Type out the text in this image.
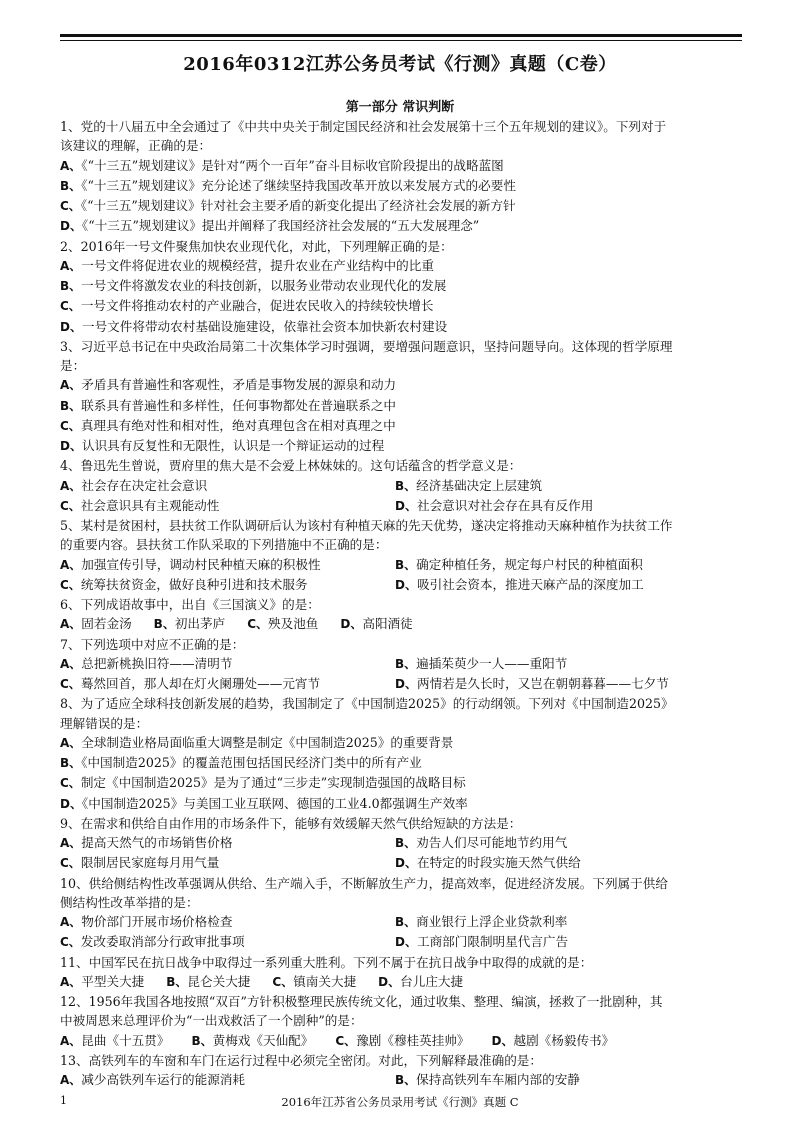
2016年0312江苏公务员考试《行测》真题（C卷）
第一部分 常识判断
1、党的十八届五中全会通过了《中共中央关于制定国民经济和社会发展第十三个五年规划的建议》。下列对于
该建议的理解，正确的是：
A、《“十三五”规划建议》是针对“两个一百年”奋斗目标收官阶段提出的战略蓝图
B、《“十三五”规划建议》充分论述了继续坚持我国改革开放以来发展方式的必要性
C、《“十三五”规划建议》针对社会主要矛盾的新变化提出了经济社会发展的新方针
D、《“十三五”规划建议》提出并阐释了我国经济社会发展的“五大发展理念”
2、2016年一号文件聚焦加快农业现代化，对此，下列理解正确的是：
A、一号文件将促进农业的规模经营，提升农业在产业结构中的比重
B、一号文件将激发农业的科技创新，以服务业带动农业现代化的发展
C、一号文件将推动农村的产业融合，促进农民收入的持续较快增长
D、一号文件将带动农村基础设施建设，依靠社会资本加快新农村建设
3、习近平总书记在中央政治局第二十次集体学习时强调，要增强问题意识，坚持问题导向。这体现的哲学原理
是：
A、矛盾具有普遍性和客观性，矛盾是事物发展的源泉和动力
B、联系具有普遍性和多样性，任何事物都处在普遍联系之中
C、真理具有绝对性和相对性，绝对真理包含在相对真理之中
D、认识具有反复性和无限性，认识是一个辩证运动的过程
4、鲁迅先生曾说，贾府里的焦大是不会爱上林妹妹的。这句话蕴含的哲学意义是：
A、社会存在决定社会意识	B、经济基础决定上层建筑
C、社会意识具有主观能动性	D、社会意识对社会存在具有反作用
5、某村是贫困村，县扶贫工作队调研后认为该村有种植天麻的先天优势，遂决定将推动天麻种植作为扶贫工作
的重要内容。县扶贫工作队采取的下列措施中不正确的是：
A、加强宣传引导，调动村民种植天麻的积极性	B、确定种植任务，规定每户村民的种植面积
C、统筹扶贫资金，做好良种引进和技术服务	D、吸引社会资本，推进天麻产品的深度加工
6、下列成语故事中，出自《三国演义》的是：
A、固若金汤 B、初出茅庐 C、殃及池鱼 D、高阳酒徒
7、下列选项中对应不正确的是：
A、总把新桃换旧符——清明节	B、遍插茱萸少一人——重阳节
C、蓦然回首，那人却在灯火阑珊处——元宵节	D、两情若是久长时，又岂在朝朝暮暮——七夕节
8、为了适应全球科技创新发展的趋势，我国制定了《中国制造2025》的行动纲领。下列对《中国制造2025》
理解错误的是：
A、全球制造业格局面临重大调整是制定《中国制造2025》的重要背景
B、《中国制造2025》的覆盖范围包括国民经济门类中的所有产业
C、制定《中国制造2025》是为了通过“三步走”实现制造强国的战略目标
D、《中国制造2025》与美国工业互联网、德国的工业4.0都强调生产效率
9、在需求和供给自由作用的市场条件下，能够有效缓解天然气供给短缺的方法是：
A、提高天然气的市场销售价格	B、劝告人们尽可能地节约用气
C、限制居民家庭每月用气量	D、在特定的时段实施天然气供给
10、供给侧结构性改革强调从供给、生产端入手，不断解放生产力，提高效率，促进经济发展。下列属于供给
侧结构性改革举措的是：
A、物价部门开展市场价格检查	B、商业银行上浮企业贷款利率
C、发改委取消部分行政审批事项	D、工商部门限制明星代言广告
11、中国军民在抗日战争中取得过一系列重大胜利。下列不属于在抗日战争中取得的成就的是：
A、平型关大捷 B、昆仑关大捷 C、镇南关大捷 D、台儿庄大捷
12、1956年我国各地按照“双百”方针积极整理民族传统文化，通过收集、整理、编演，拯救了一批剧种，其
中被周恩来总理评价为“一出戏救活了一个剧种”的是：
A、昆曲《十五贯》 B、黄梅戏《天仙配》 C、豫剧《穆桂英挂帅》 D、越剧《杨毅传书》
13、高铁列车的车窗和车门在运行过程中必须完全密闭。对此，下列解释最准确的是：
A、减少高铁列车运行的能源消耗	B、保持高铁列车车厢内部的安静
1	2016年江苏省公务员录用考试《行测》真题 C
